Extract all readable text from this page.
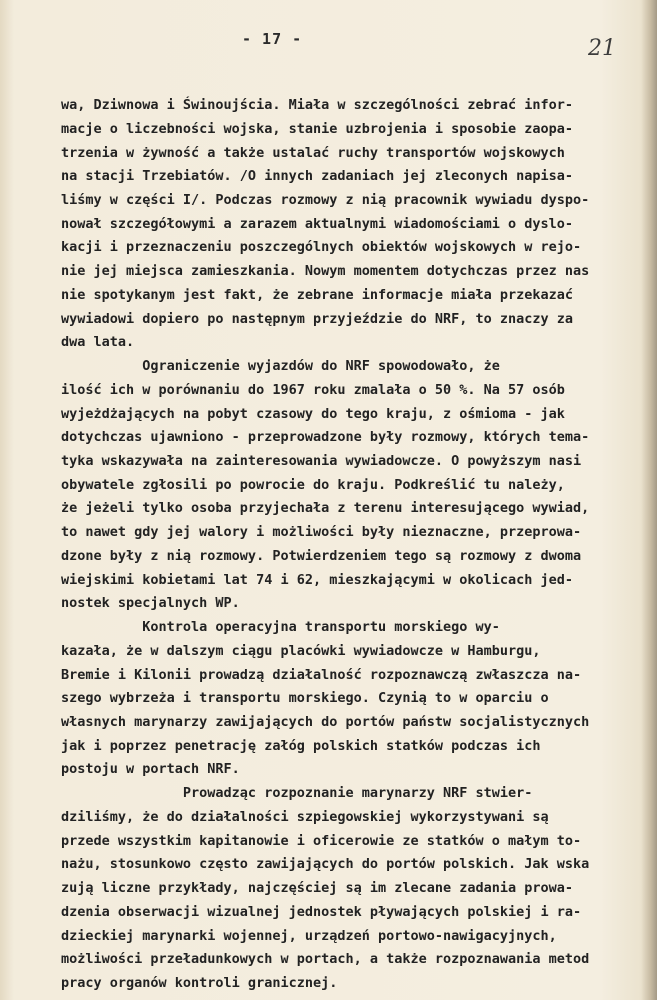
- 17 -	21
wa, Dziwnowa i Świnoujścia. Miała w szczególności zebrać infor-
macje o liczebności wojska, stanie uzbrojenia i sposobie zaopa-
trzenia w żywność a także ustalać ruchy transportów wojskowych
na stacji Trzebiatów. /O innych zadaniach jej zleconych napisa-
liśmy w części I/. Podczas rozmowy z nią pracownik wywiadu dyspo-
nował szczegółowymi a zarazem aktualnymi wiadomościami o dyslo-
kacji i przeznaczeniu poszczególnych obiektów wojskowych w rejo-
nie jej miejsca zamieszkania. Nowym momentem dotychczas przez nas
nie spotykanym jest fakt, że zebrane informacje miała przekazać
wywiadowi dopiero po następnym przyjeździe do NRF, to znaczy za
dwa lata.
Ograniczenie wyjazdów do NRF spowodowało, że
ilość ich w porównaniu do 1967 roku zmalała o 50 %. Na 57 osób
wyjeżdżających na pobyt czasowy do tego kraju, z ośmioma - jak
dotychczas ujawniono - przeprowadzone były rozmowy, których tema-
tyka wskazywała na zainteresowania wywiadowcze. O powyższym nasi
obywatele zgłosili po powrocie do kraju. Podkreślić tu należy,
że jeżeli tylko osoba przyjechała z terenu interesującego wywiad,
to nawet gdy jej walory i możliwości były nieznaczne, przeprowa-
dzone były z nią rozmowy. Potwierdzeniem tego są rozmowy z dwoma
wiejskimi kobietami lat 74 i 62, mieszkającymi w okolicach jed-
nostek specjalnych WP.
Kontrola operacyjna transportu morskiego wy-
kazała, że w dalszym ciągu placówki wywiadowcze w Hamburgu,
Bremie i Kilonii prowadzą działalność rozpoznawczą zwłaszcza na-
szego wybrzeża i transportu morskiego. Czynią to w oparciu o
własnych marynarzy zawijających do portów państw socjalistycznych
jak i poprzez penetrację załóg polskich statków podczas ich
postoju w portach NRF.
Prowadząc rozpoznanie marynarzy NRF stwier-
dziliśmy, że do działalności szpiegowskiej wykorzystywani są
przede wszystkim kapitanowie i oficerowie ze statków o małym to-
nażu, stosunkowo często zawijających do portów polskich. Jak wska
zują liczne przykłady, najczęściej są im zlecane zadania prowa-
dzenia obserwacji wizualnej jednostek pływających polskiej i ra-
dzieckiej marynarki wojennej, urządzeń portowo-nawigacyjnych,
możliwości przeładunkowych w portach, a także rozpoznawania metod
pracy organów kontroli granicznej.
